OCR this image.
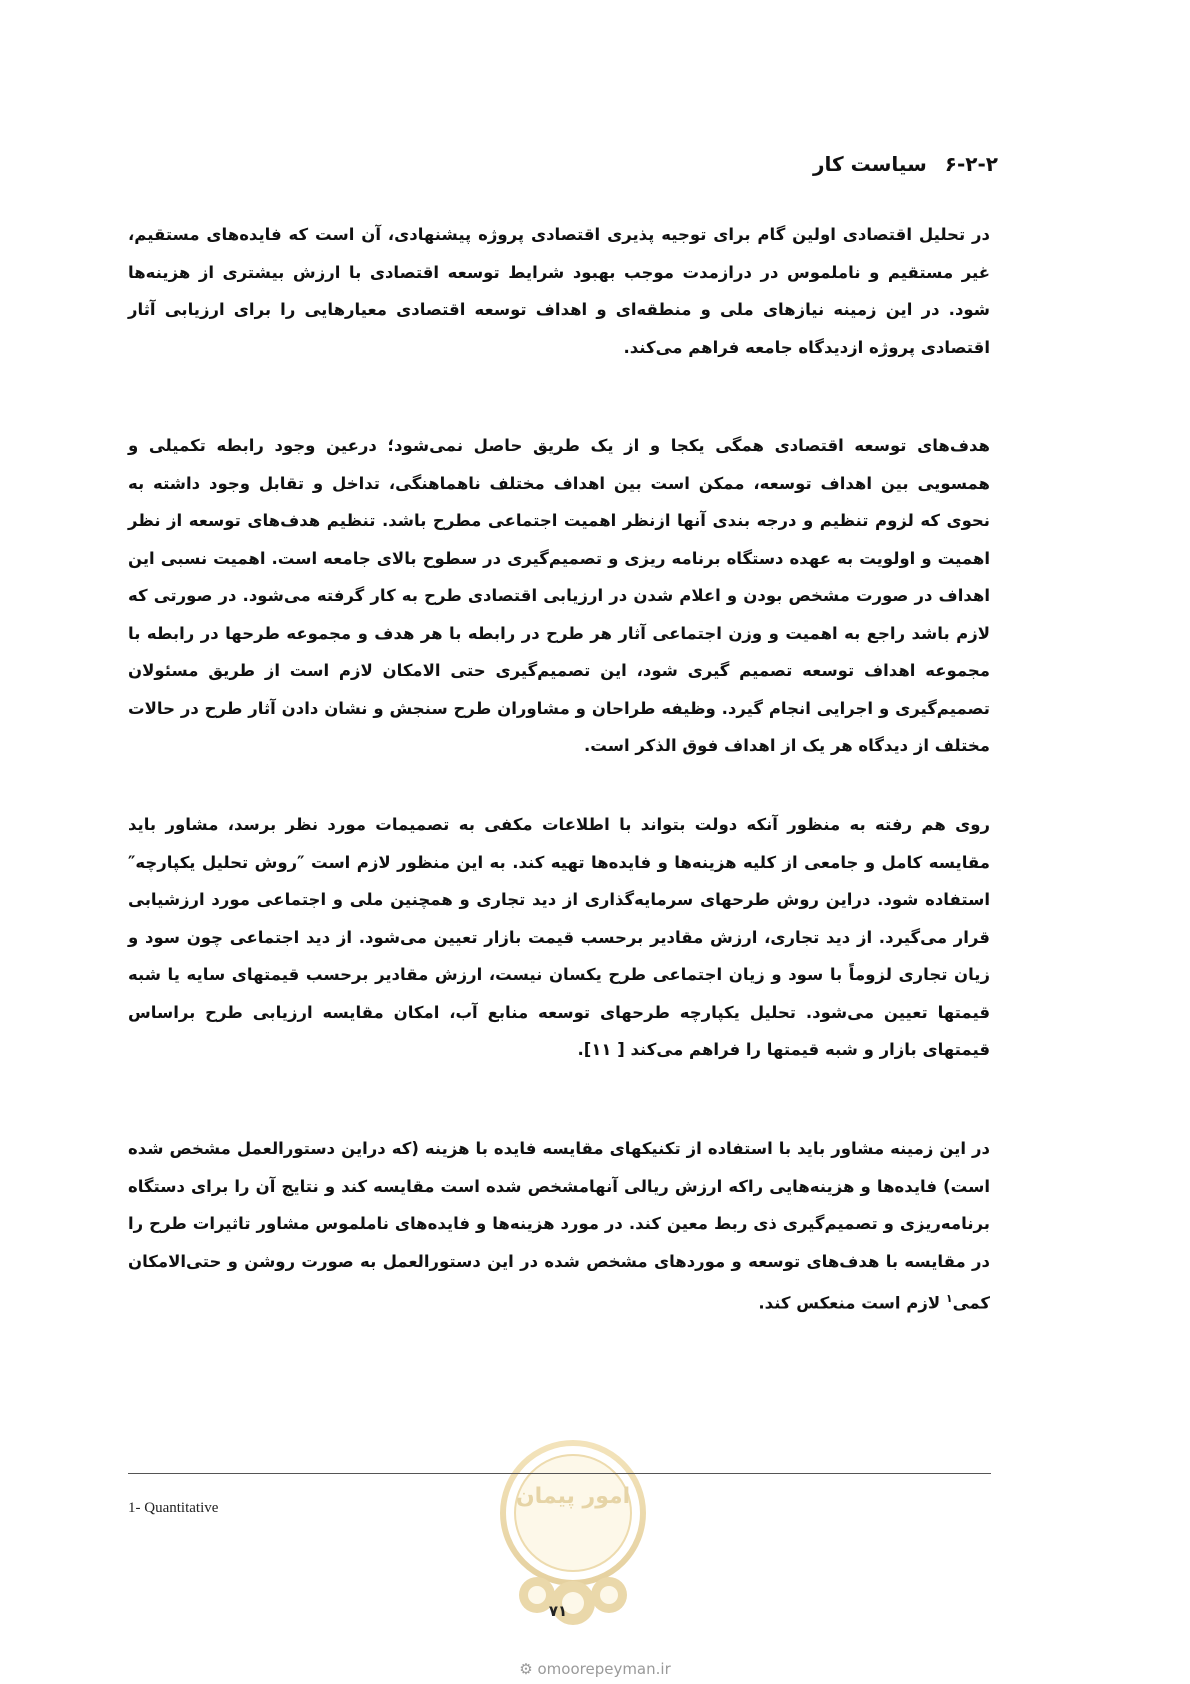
۶-۲-۲سیاست کار

در تحلیل اقتصادی اولین گام برای توجیه پذیری اقتصادی پروژه پیشنهادی، آن است که فایده‌های مستقیم، غیر مستقیم و ناملموس در درازمدت موجب بهبود شرایط توسعه اقتصادی با ارزش بیشتری از هزینه‌ها شود. در این زمینه نیازهای ملی و منطقه‌ای و اهداف توسعه اقتصادی معیارهایی را برای ارزیابی آثار اقتصادی پروژه ازدیدگاه جامعه فراهم می‌کند.

هدف‌های توسعه اقتصادی همگی یکجا و از یک طریق حاصل نمی‌شود؛ درعین وجود رابطه تکمیلی و همسویی بین اهداف توسعه، ممکن است بین اهداف مختلف ناهماهنگی، تداخل و تقابل وجود داشته به نحوی که لزوم تنظیم و درجه بندی آنها ازنظر اهمیت اجتماعی مطرح باشد. تنظیم هدف‌های توسعه از نظر اهمیت و اولویت به عهده دستگاه برنامه ریزی و تصمیم‌گیری در سطوح بالای جامعه است. اهمیت نسبی این اهداف در صورت مشخص بودن و اعلام شدن در ارزیابی اقتصادی طرح به کار گرفته می‌شود. در صورتی که لازم باشد راجع به اهمیت و وزن اجتماعی آثار هر طرح در رابطه با هر هدف و مجموعه طرحها در رابطه با مجموعه اهداف توسعه تصمیم گیری شود، این تصمیم‌گیری حتی الامکان لازم است از طریق مسئولان تصمیم‌گیری و اجرایی انجام گیرد. وظیفه طراحان و مشاوران طرح سنجش و نشان دادن آثار طرح در حالات مختلف از دیدگاه هر یک از اهداف فوق الذکر است.

روی هم رفته به منظور آنکه دولت بتواند با اطلاعات مکفی به تصمیمات مورد نظر برسد، مشاور باید مقایسه کامل و جامعی از کلیه هزینه‌ها و فایده‌ها تهیه کند. به این منظور لازم است ″روش تحلیل یکپارچه″ استفاده شود. دراین روش طرحهای سرمایه‌گذاری از دید تجاری و همچنین ملی و اجتماعی مورد ارزشیابی قرار می‌گیرد. از دید تجاری، ارزش مقادیر برحسب قیمت بازار تعیین می‌شود. از دید اجتماعی چون سود و زیان تجاری لزوماً با سود و زیان اجتماعی طرح یکسان نیست، ارزش مقادیر برحسب قیمتهای سایه یا شبه قیمتها تعیین می‌شود. تحلیل یکپارچه طرحهای توسعه منابع آب، امکان مقایسه ارزیابی طرح براساس قیمتهای بازار و شبه قیمتها را فراهم می‌کند [ ۱۱].

در این زمینه مشاور باید با استفاده از تکنیکهای مقایسه فایده با هزینه (که دراین دستورالعمل مشخص شده است) فایده‌ها و هزینه‌هایی راکه ارزش ریالی آنهامشخص شده است مقایسه کند و نتایج آن را برای دستگاه برنامه‌ریزی و تصمیم‌گیری ذی ربط معین کند. در مورد هزینه‌ها و فایده‌های ناملموس مشاور تاثیرات طرح را در مقایسه با هدف‌های توسعه و موردهای مشخص شده در این دستورالعمل به صورت روشن و حتی‌الامکان کمی$^۱$ لازم است منعکس کند.

امور پیمان
1- Quantitative
۷۱
⚙ omoorepeyman.ir
